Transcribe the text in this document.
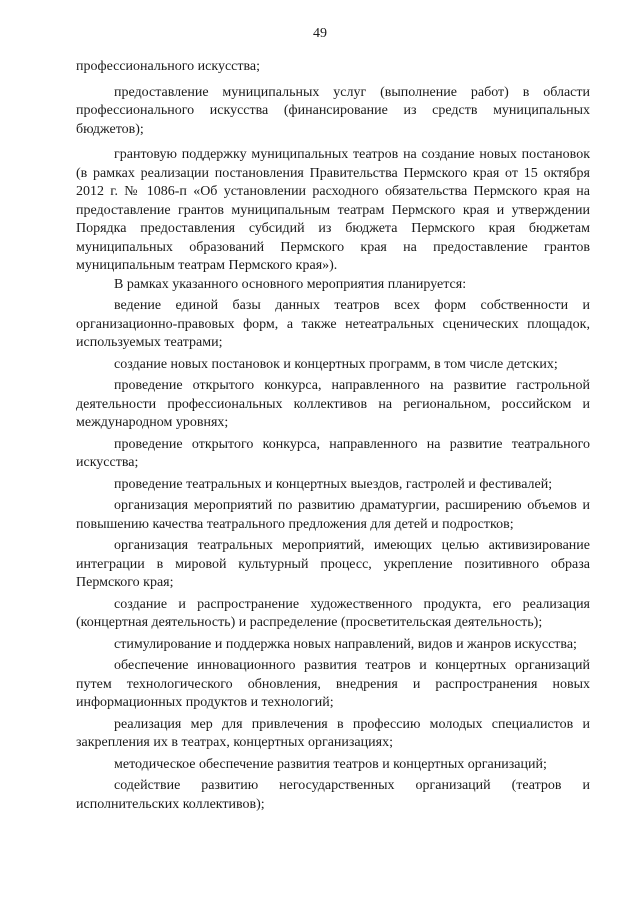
49

профессионального искусства;

предоставление муниципальных услуг (выполнение работ) в области профессионального искусства (финансирование из средств муниципальных бюджетов);

грантовую поддержку муниципальных театров на создание новых постановок (в рамках реализации постановления Правительства Пермского края от 15 октября 2012 г. № 1086-п «Об установлении расходного обязательства Пермского края на предоставление грантов муниципальным театрам Пермского края и утверждении Порядка предоставления субсидий из бюджета Пермского края бюджетам муниципальных образований Пермского края на предоставление грантов муниципальным театрам Пермского края»).

В рамках указанного основного мероприятия планируется:

ведение единой базы данных театров всех форм собственности и организационно-правовых форм, а также нетеатральных сценических площадок, используемых театрами;

создание новых постановок и концертных программ, в том числе детских;

проведение открытого конкурса, направленного на развитие гастрольной деятельности профессиональных коллективов на региональном, российском и международном уровнях;

проведение открытого конкурса, направленного на развитие театрального искусства;

проведение театральных и концертных выездов, гастролей и фестивалей;

организация мероприятий по развитию драматургии, расширению объемов и повышению качества театрального предложения для детей и подростков;

организация театральных мероприятий, имеющих целью активизирование интеграции в мировой культурный процесс, укрепление позитивного образа Пермского края;

создание и распространение художественного продукта, его реализация (концертная деятельность) и распределение (просветительская деятельность);

стимулирование и поддержка новых направлений, видов и жанров искусства;

обеспечение инновационного развития театров и концертных организаций путем технологического обновления, внедрения и распространения новых информационных продуктов и технологий;

реализация мер для привлечения в профессию молодых специалистов и закрепления их в театрах, концертных организациях;

методическое обеспечение развития театров и концертных организаций;

содействие развитию негосударственных организаций (театров и исполнительских коллективов);
